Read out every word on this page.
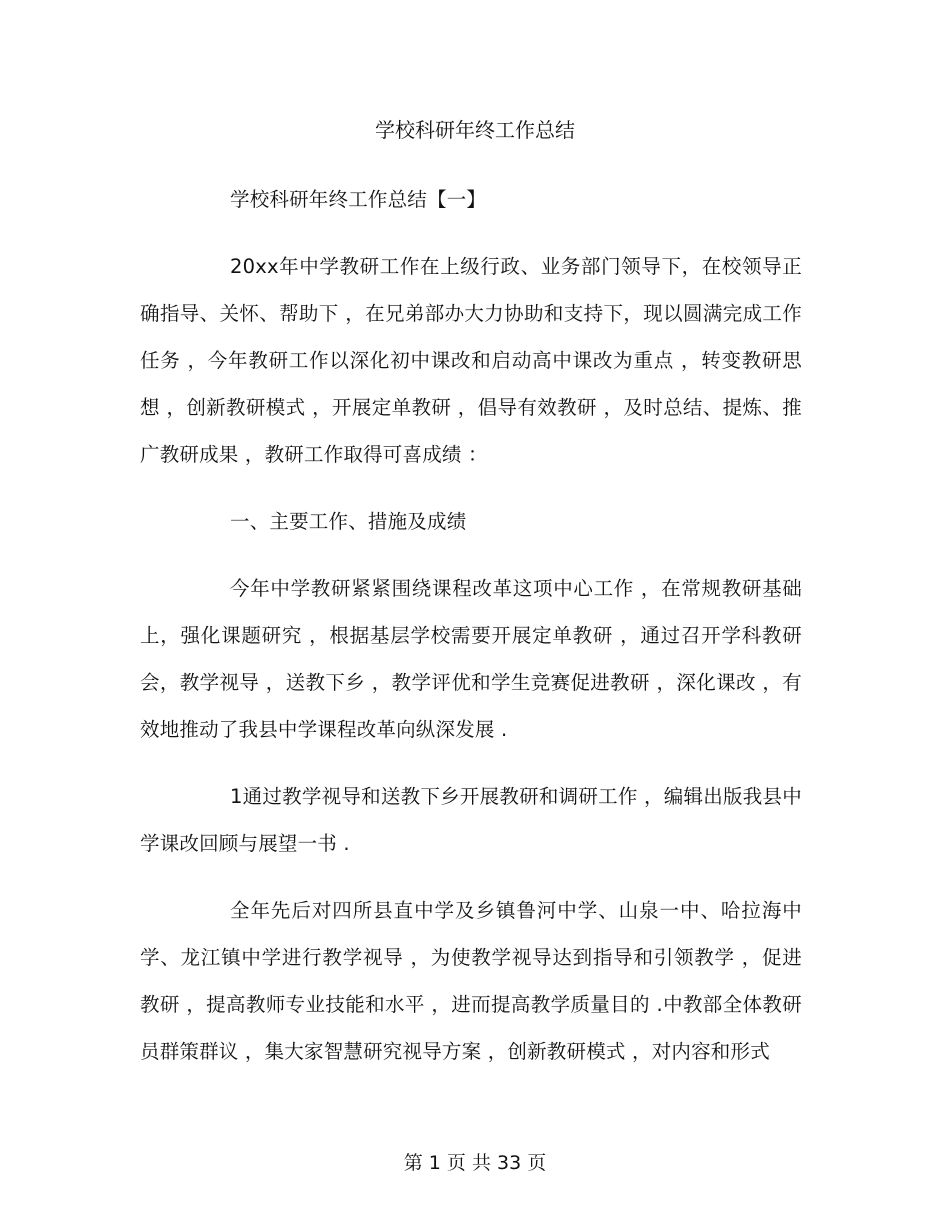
学校科研年终工作总结

学校科研年终工作总结【一】

20xx年中学教研工作在上级行政、业务部门领导下，在校领导正确指导、关怀、帮助下 ，在兄弟部办大力协助和支持下，现以圆满完成工作任务 ，今年教研工作以深化初中课改和启动高中课改为重点 ，转变教研思想 ，创新教研模式 ，开展定单教研 ，倡导有效教研 ，及时总结、提炼、推广教研成果 ，教研工作取得可喜成绩 ：

一、主要工作、措施及成绩

今年中学教研紧紧围绕课程改革这项中心工作 ，在常规教研基础上，强化课题研究 ，根据基层学校需要开展定单教研 ，通过召开学科教研会，教学视导 ，送教下乡 ，教学评优和学生竞赛促进教研 ，深化课改 ，有效地推动了我县中学课程改革向纵深发展 .

1通过教学视导和送教下乡开展教研和调研工作 ，编辑出版我县中学课改回顾与展望一书 .

全年先后对四所县直中学及乡镇鲁河中学、山泉一中、哈拉海中学、龙江镇中学进行教学视导 ，为使教学视导达到指导和引领教学 ，促进教研 ，提高教师专业技能和水平 ，进而提高教学质量目的 .中教部全体教研员群策群议 ，集大家智慧研究视导方案 ，创新教研模式 ，对内容和形式

第 1 页 共 33 页
